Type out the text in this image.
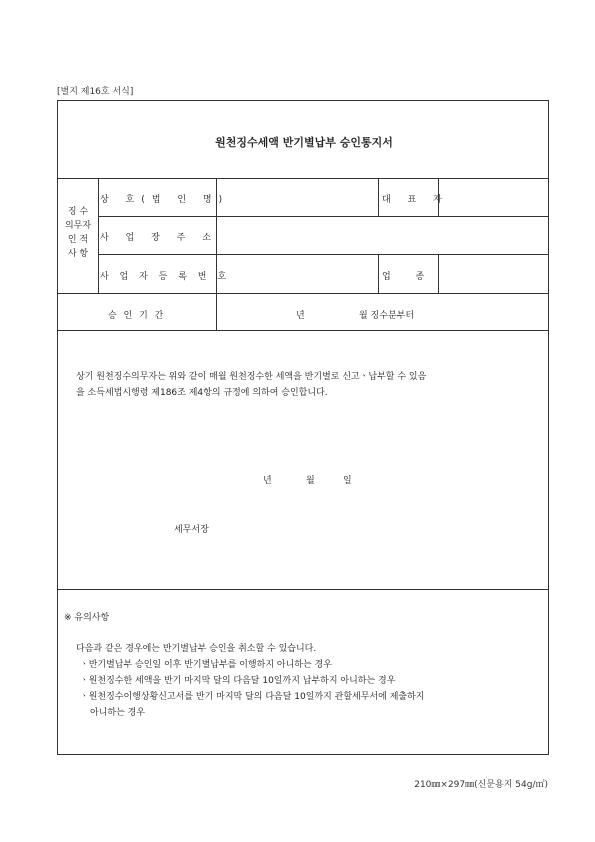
[별지 제16호 서식]
원천징수세액 반기별납부 승인통지서
징 수
의무자
인 적
사 항
상 호(법 인 명)	대 표 자
사 업 장 주 소
사 업 자 등 록 번 호	업 종
승 인 기 간	년	월 징수분부터
상기 원천징수의무자는 위와 같이 매월 원천징수한 세액을 반기별로 신고ㆍ납부할 수 있음
을 소득세법시행령 제186조 제4항의 규정에 의하여 승인합니다.
년	월	일
세무서장
※ 유의사항
다음과 같은 경우에는 반기별납부 승인을 취소할 수 있습니다.
ㆍ반기별납부 승인일 이후 반기별납부를 이행하지 아니하는 경우
ㆍ원천징수한 세액을 반기 마지막 달의 다음달 10일까지 납부하지 아니하는 경우
ㆍ원천징수이행상황신고서를 반기 마지막 달의 다음달 10일까지 관할세무서에 제출하지
아니하는 경우
210㎜×297㎜(신문용지 54g/㎡)
